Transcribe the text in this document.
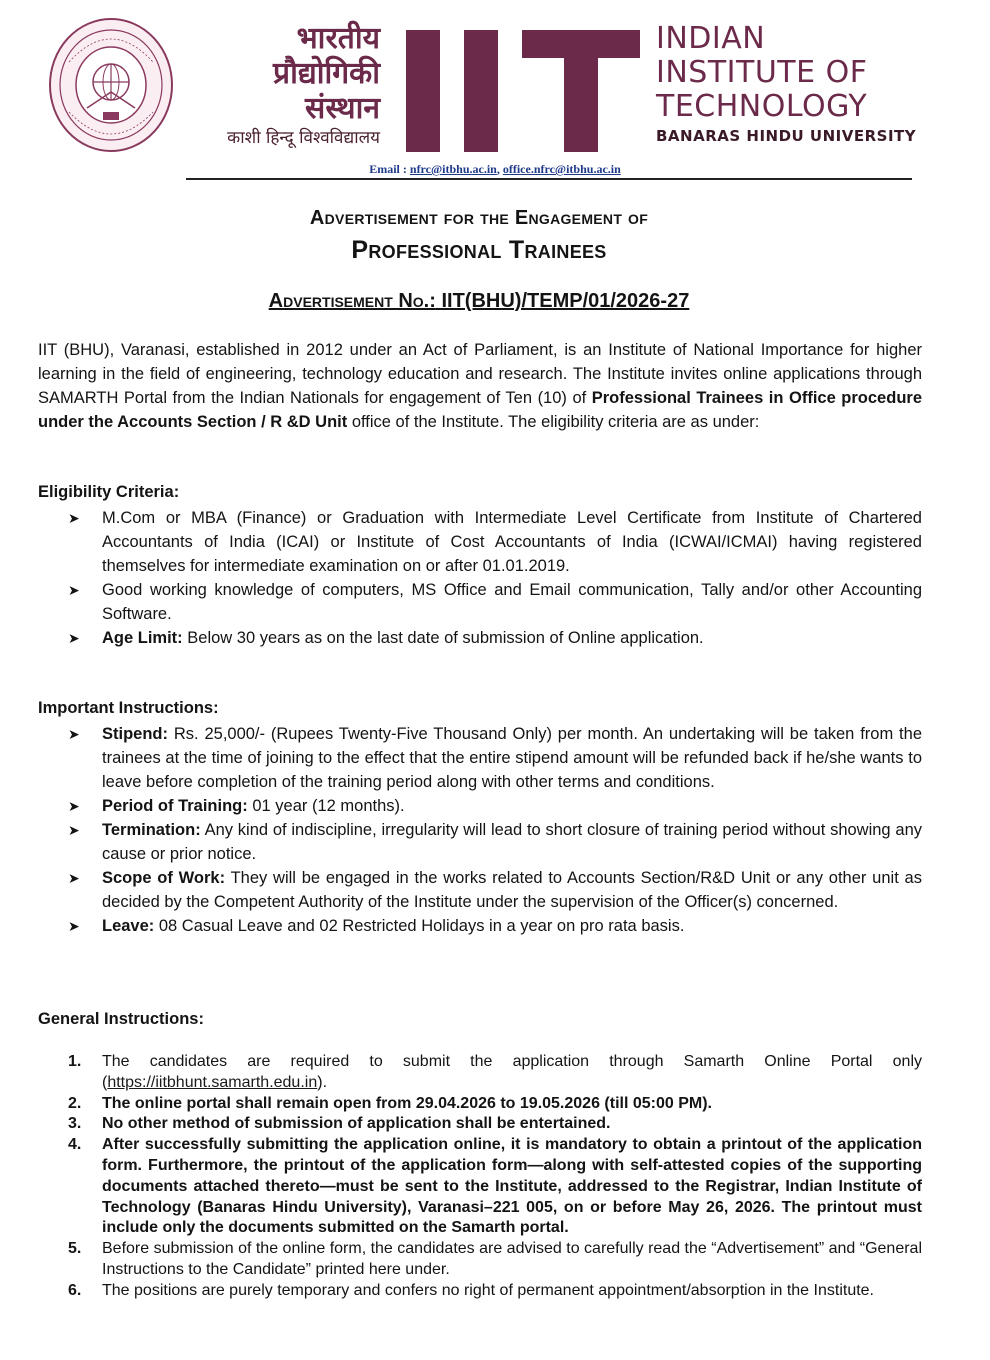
भारतीय
प्रौद्योगिकी
संस्थान
काशी हिन्दू विश्वविद्यालय
INDIAN
INSTITUTE OF
TECHNOLOGY
BANARAS HINDU UNIVERSITY
Email : nfrc@itbhu.ac.in, office.nfrc@itbhu.ac.in
Advertisement for the Engagement of
Professional Trainees
Advertisement No.: IIT(BHU)/TEMP/01/2026-27
IIT (BHU), Varanasi, established in 2012 under an Act of Parliament, is an Institute of National Importance for higher learning in the field of engineering, technology education and research. The Institute invites online applications through SAMARTH Portal from the Indian Nationals for engagement of Ten (10) of Professional Trainees in Office procedure under the Accounts Section / R &D Unit office of the Institute. The eligibility criteria are as under:
Eligibility Criteria:
➤ M.Com or MBA (Finance) or Graduation with Intermediate Level Certificate from Institute of Chartered Accountants of India (ICAI) or Institute of Cost Accountants of India (ICWAI/ICMAI) having registered themselves for intermediate examination on or after 01.01.2019.
➤ Good working knowledge of computers, MS Office and Email communication, Tally and/or other Accounting Software.
➤ Age Limit: Below 30 years as on the last date of submission of Online application.
Important Instructions:
➤ Stipend: Rs. 25,000/- (Rupees Twenty-Five Thousand Only) per month. An undertaking will be taken from the trainees at the time of joining to the effect that the entire stipend amount will be refunded back if he/she wants to leave before completion of the training period along with other terms and conditions.
➤ Period of Training: 01 year (12 months).
➤ Termination: Any kind of indiscipline, irregularity will lead to short closure of training period without showing any cause or prior notice.
➤ Scope of Work: They will be engaged in the works related to Accounts Section/R&D Unit or any other unit as decided by the Competent Authority of the Institute under the supervision of the Officer(s) concerned.
➤ Leave: 08 Casual Leave and 02 Restricted Holidays in a year on pro rata basis.
General Instructions:
1. The candidates are required to submit the application through Samarth Online Portal only (https://iitbhunt.samarth.edu.in).
2. The online portal shall remain open from 29.04.2026 to 19.05.2026 (till 05:00 PM).
3. No other method of submission of application shall be entertained.
4. After successfully submitting the application online, it is mandatory to obtain a printout of the application form. Furthermore, the printout of the application form—along with self-attested copies of the supporting documents attached thereto—must be sent to the Institute, addressed to the Registrar, Indian Institute of Technology (Banaras Hindu University), Varanasi–221 005, on or before May 26, 2026. The printout must include only the documents submitted on the Samarth portal.
5. Before submission of the online form, the candidates are advised to carefully read the “Advertisement” and “General Instructions to the Candidate” printed here under.
6. The positions are purely temporary and confers no right of permanent appointment/absorption in the Institute.
